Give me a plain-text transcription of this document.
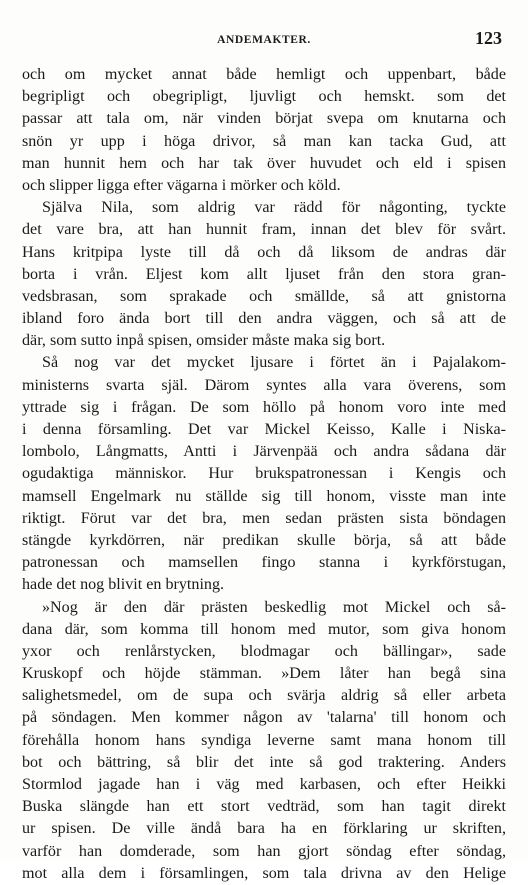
ANDEMAKTER.	123
och om mycket annat både hemligt och uppenbart, både
begripligt och obegripligt, ljuvligt och hemskt. som det
passar att tala om, när vinden börjat svepa om knutarna och
snön yr upp i höga drivor, så man kan tacka Gud, att
man hunnit hem och har tak över huvudet och eld i spisen
och slipper ligga efter vägarna i mörker och köld.
Själva Nila, som aldrig var rädd för någonting, tyckte
det vare bra, att han hunnit fram, innan det blev för svårt.
Hans kritpipa lyste till då och då liksom de andras där
borta i vrån. Eljest kom allt ljuset från den stora gran-
vedsbrasan, som sprakade och smällde, så att gnistorna
ibland foro ända bort till den andra väggen, och så att de
där, som sutto inpå spisen, omsider måste maka sig bort.
Så nog var det mycket ljusare i förtet än i Pajalakom-
ministerns svarta själ. Därom syntes alla vara överens, som
yttrade sig i frågan. De som höllo på honom voro inte med
i denna församling. Det var Mickel Keisso, Kalle i Niska-
lombolo, Långmatts, Antti i Järvenpää och andra sådana där
ogudaktiga människor. Hur brukspatronessan i Kengis och
mamsell Engelmark nu ställde sig till honom, visste man inte
riktigt. Förut var det bra, men sedan prästen sista böndagen
stängde kyrkdörren, när predikan skulle börja, så att både
patronessan och mamsellen fingo stanna i kyrkförstugan,
hade det nog blivit en brytning.
»Nog är den där prästen beskedlig mot Mickel och så-
dana där, som komma till honom med mutor, som giva honom
yxor och renlårstycken, blodmagar och bällingar», sade
Kruskopf och höjde stämman. »Dem låter han begå sina
salighetsmedel, om de supa och svärja aldrig så eller arbeta
på söndagen. Men kommer någon av 'talarna' till honom och
förehålla honom hans syndiga leverne samt mana honom till
bot och bättring, så blir det inte så god traktering. Anders
Stormlod jagade han i väg med karbasen, och efter Heikki
Buska slängde han ett stort vedträd, som han tagit direkt
ur spisen. De ville ändå bara ha en förklaring ur skriften,
varför han domderade, som han gjort söndag efter söndag,
mot alla dem i församlingen, som tala drivna av den Helige
